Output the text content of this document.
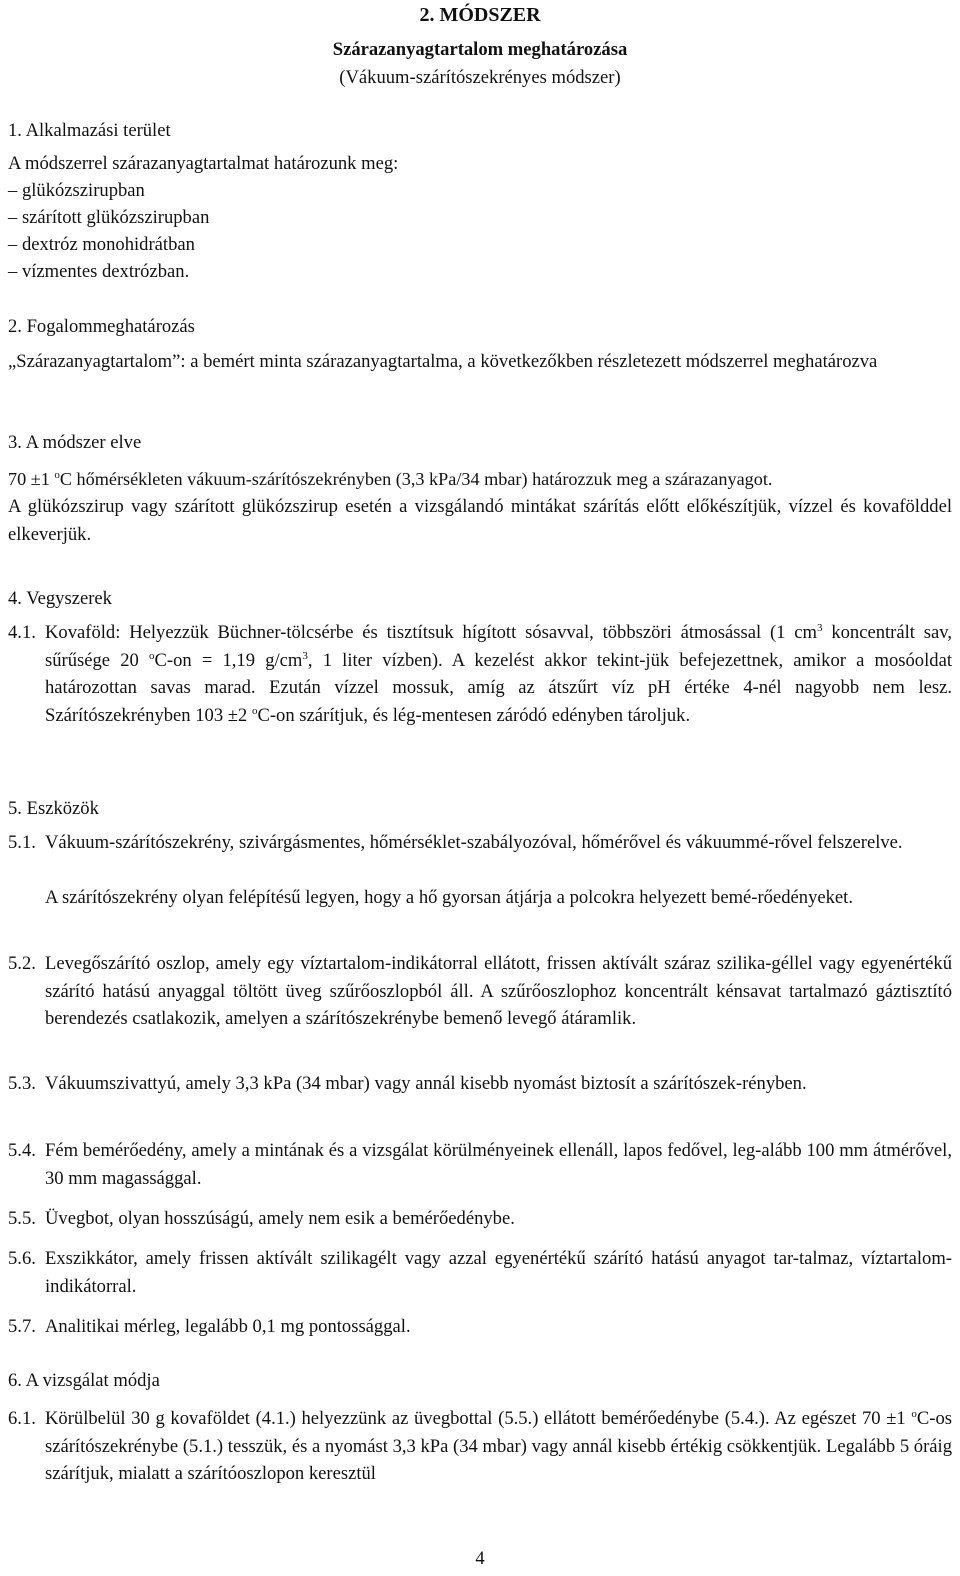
2. MÓDSZER
Szárazanyagtartalom meghatározása
(Vákuum-szárítószekrényes módszer)
1. Alkalmazási terület
A módszerrel szárazanyagtartalmat határozunk meg:
– glükózszirupban
– szárított glükózszirupban
– dextróz monohidrátban
– vízmentes dextrózban.
2. Fogalommeghatározás
„Szárazanyagtartalom”: a bemért minta szárazanyagtartalma, a következőkben részletezett módszerrel meghatározva
3. A módszer elve
70 ±1 $^o$C hőmérsékleten vákuum-szárítószekrényben (3,3 kPa/34 mbar) határozzuk meg a szárazanyagot.
A glükózszirup vagy szárított glükózszirup esetén a vizsgálandó mintákat szárítás előtt előkészítjük, vízzel és kovafölddel elkeverjük.
4. Vegyszerek
4.1. Kovaföld: Helyezzük Büchner-tölcsérbe és tisztítsuk hígított sósavval, többszöri átmosással (1 $cm^3$ koncentrált sav, sűrűsége 20 $^o$C-on = 1,19 $g/cm^3$, 1 liter vízben). A kezelést akkor tekint-jük befejezettnek, amikor a mosóoldat határozottan savas marad. Ezután vízzel mossuk, amíg az átszűrt víz pH értéke 4-nél nagyobb nem lesz. Szárítószekrényben 103 ±2 $^o$C-on szárítjuk, és lég-mentesen záródó edényben tároljuk.
5. Eszközök
5.1. Vákuum-szárítószekrény, szivárgásmentes, hőmérséklet-szabályozóval, hőmérővel és vákuummé-rővel felszerelve.
A szárítószekrény olyan felépítésű legyen, hogy a hő gyorsan átjárja a polcokra helyezett bemé-rőedényeket.
5.2. Levegőszárító oszlop, amely egy víztartalom-indikátorral ellátott, frissen aktívált száraz szilika-géllel vagy egyenértékű szárító hatású anyaggal töltött üveg szűrőoszlopból áll. A szűrőoszlophoz koncentrált kénsavat tartalmazó gáztisztító berendezés csatlakozik, amelyen a szárítószekrénybe bemenő levegő átáramlik.
5.3. Vákuumszivattyú, amely 3,3 kPa (34 mbar) vagy annál kisebb nyomást biztosít a szárítószek-rényben.
5.4. Fém bemérőedény, amely a mintának és a vizsgálat körülményeinek ellenáll, lapos fedővel, leg-alább 100 mm átmérővel, 30 mm magassággal.
5.5. Üvegbot, olyan hosszúságú, amely nem esik a bemérőedénybe.
5.6. Exszikkátor, amely frissen aktívált szilikagélt vagy azzal egyenértékű szárító hatású anyagot tar-talmaz, víztartalom-indikátorral.
5.7. Analitikai mérleg, legalább 0,1 mg pontossággal.
6. A vizsgálat módja
6.1. Körülbelül 30 g kovaföldet (4.1.) helyezzünk az üvegbottal (5.5.) ellátott bemérőedénybe (5.4.). Az egészet 70 ±1 $^o$C-os szárítószekrénybe (5.1.) tesszük, és a nyomást 3,3 kPa (34 mbar) vagy annál kisebb értékig csökkentjük. Legalább 5 óráig szárítjuk, mialatt a szárítóoszlopon keresztül
4
